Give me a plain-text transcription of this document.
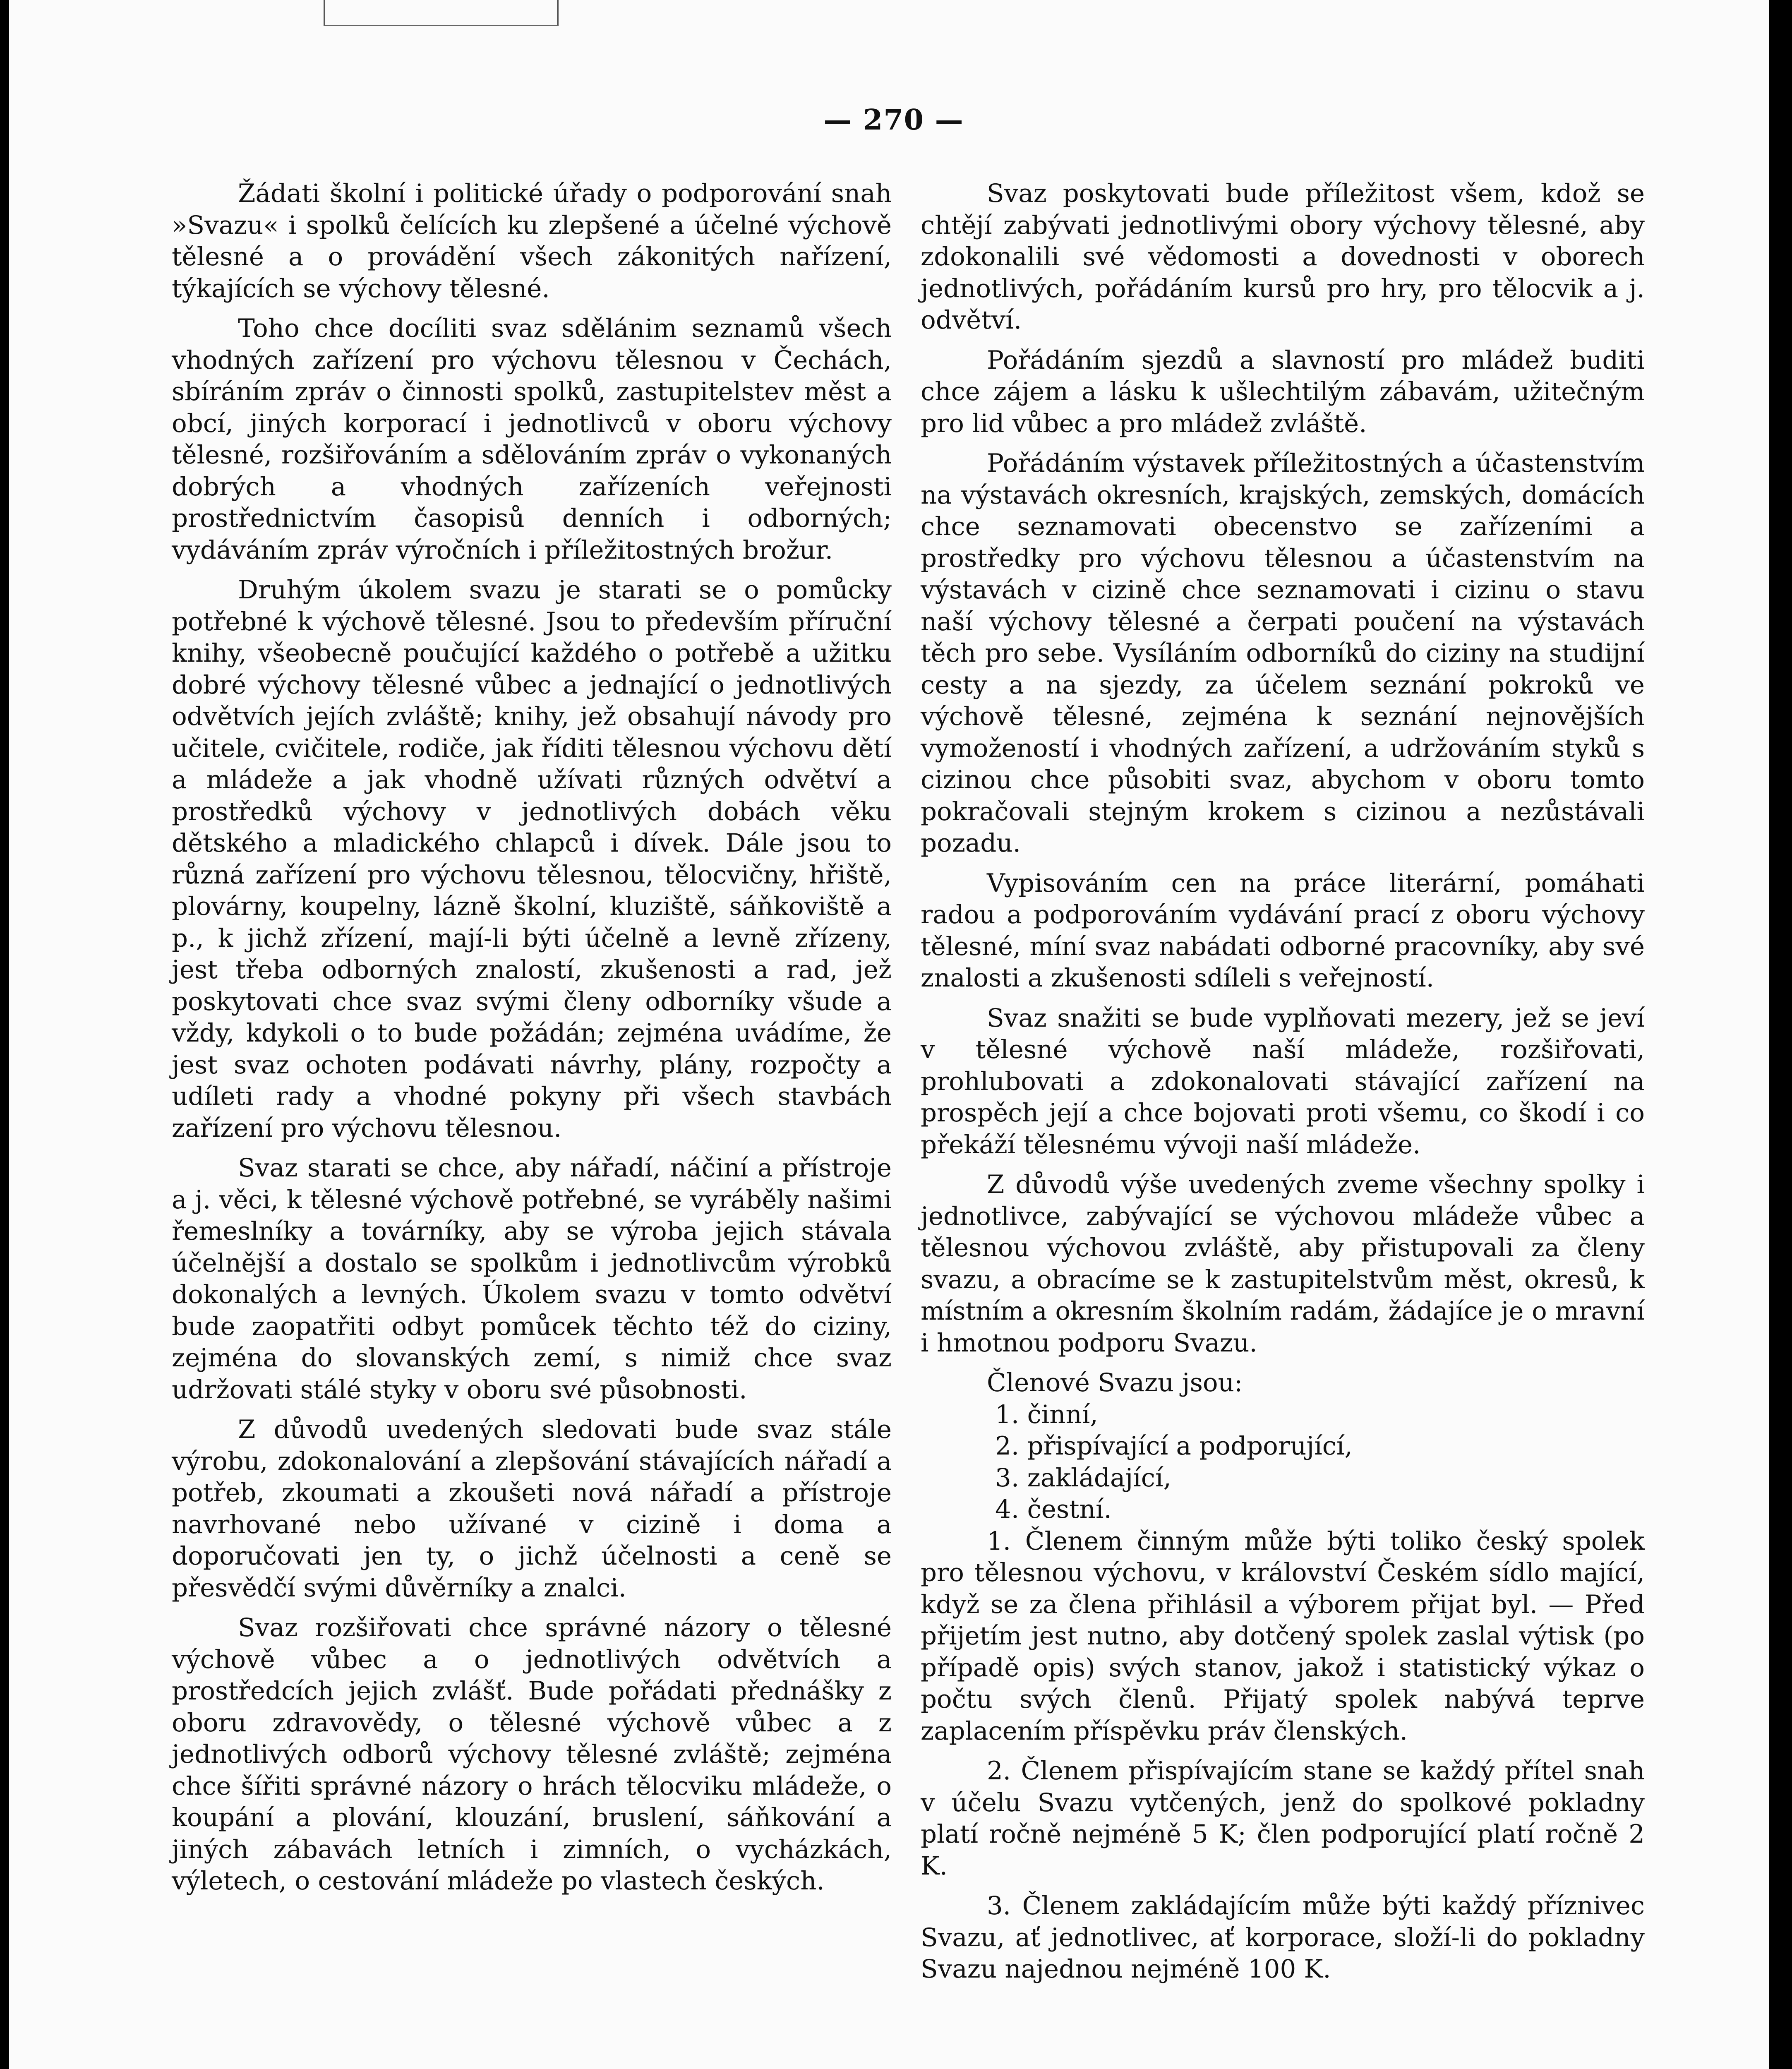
— 270 —

Žádati školní i politické úřady o podporování snah »Svazu« i spolků čelících ku zlepšené a účelné výchově tělesné a o provádění všech zákonitých nařízení, týkajících se výchovy tělesné.

Toho chce docíliti svaz sdělánim seznamů všech vhodných zařízení pro výchovu tělesnou v Čechách, sbíráním zpráv o činnosti spolků, zastupitelstev měst a obcí, jiných korporací i jednotlivců v oboru výchovy tělesné, rozšiřováním a sdělováním zpráv o vykonaných dobrých a vhodných zařízeních veřejnosti prostřednictvím časopisů denních i odborných; vydáváním zpráv výročních i příležitostných brožur.

Druhým úkolem svazu je starati se o pomůcky potřebné k výchově tělesné. Jsou to především příruční knihy, všeobecně poučující každého o potřebě a užitku dobré výchovy tělesné vůbec a jednající o jednotlivých odvětvích jejích zvláště; knihy, jež obsahují návody pro učitele, cvičitele, rodiče, jak říditi tělesnou výchovu dětí a mládeže a jak vhodně užívati různých odvětví a prostředků výchovy v jednotlivých dobách věku dětského a mladického chlapců i dívek. Dále jsou to různá zařízení pro výchovu tělesnou, tělocvičny, hřiště, plovárny, koupelny, lázně školní, kluziště, sáňkoviště a p., k jichž zřízení, mají-li býti účelně a levně zřízeny, jest třeba odborných znalostí, zkušenosti a rad, jež poskytovati chce svaz svými členy odborníky všude a vždy, kdykoli o to bude požádán; zejména uvádíme, že jest svaz ochoten podávati návrhy, plány, rozpočty a udíleti rady a vhodné pokyny při všech stavbách zařízení pro výchovu tělesnou.

Svaz starati se chce, aby nářadí, náčiní a přístroje a j. věci, k tělesné výchově potřebné, se vyráběly našimi řemeslníky a továrníky, aby se výroba jejich stávala účelnější a dostalo se spolkům i jednotlivcům výrobků dokonalých a levných. Úkolem svazu v tomto odvětví bude zaopatřiti odbyt pomůcek těchto též do ciziny, zejména do slovanských zemí, s nimiž chce svaz udržovati stálé styky v oboru své působnosti.

Z důvodů uvedených sledovati bude svaz stále výrobu, zdokonalování a zlepšování stávajících nářadí a potřeb, zkoumati a zkoušeti nová nářadí a přístroje navrhované nebo užívané v cizině i doma a doporučovati jen ty, o jichž účelnosti a ceně se přesvědčí svými důvěrníky a znalci.

Svaz rozšiřovati chce správné názory o tělesné výchově vůbec a o jednotlivých odvětvích a prostředcích jejich zvlášť. Bude pořádati přednášky z oboru zdravovědy, o tělesné výchově vůbec a z jednotlivých odborů výchovy tělesné zvláště; zejména chce šířiti správné názory o hrách tělocviku mládeže, o koupání a plování, klouzání, bruslení, sáňkování a jiných zábavách letních i zimních, o vycházkách, výletech, o cestování mládeže po vlastech českých.

Svaz poskytovati bude příležitost všem, kdož se chtějí zabývati jednotlivými obory výchovy tělesné, aby zdokonalili své vědomosti a dovednosti v oborech jednotlivých, pořádáním kursů pro hry, pro tělocvik a j. odvětví.

Pořádáním sjezdů a slavností pro mládež buditi chce zájem a lásku k ušlechtilým zábavám, užitečným pro lid vůbec a pro mládež zvláště.

Pořádáním výstavek příležitostných a účastenstvím na výstavách okresních, krajských, zemských, domácích chce seznamovati obecenstvo se zařízeními a prostředky pro výchovu tělesnou a účastenstvím na výstavách v cizině chce seznamovati i cizinu o stavu naší výchovy tělesné a čerpati poučení na výstavách těch pro sebe. Vysíláním odborníků do ciziny na studijní cesty a na sjezdy, za účelem seznání pokroků ve výchově tělesné, zejména k seznání nejnovějších vymožeností i vhodných zařízení, a udržováním styků s cizinou chce působiti svaz, abychom v oboru tomto pokračovali stejným krokem s cizinou a nezůstávali pozadu.

Vypisováním cen na práce literární, pomáhati radou a podporováním vydávání prací z oboru výchovy tělesné, míní svaz nabádati odborné pracovníky, aby své znalosti a zkušenosti sdíleli s veřejností.

Svaz snažiti se bude vyplňovati mezery, jež se jeví v tělesné výchově naší mládeže, rozšiřovati, prohlubovati a zdokonalovati stávající zařízení na prospěch její a chce bojovati proti všemu, co škodí i co překáží tělesnému vývoji naší mládeže.

Z důvodů výše uvedených zveme všechny spolky i jednotlivce, zabývající se výchovou mládeže vůbec a tělesnou výchovou zvláště, aby přistupovali za členy svazu, a obracíme se k zastupitelstvům měst, okresů, k místním a okresním školním radám, žádajíce je o mravní i hmotnou podporu Svazu.

Členové Svazu jsou:

1. činní,

2. přispívající a podporující,

3. zakládající,

4. čestní.

1. Členem činným může býti toliko český spolek pro tělesnou výchovu, v království Českém sídlo mající, když se za člena přihlásil a výborem přijat byl. — Před přijetím jest nutno, aby dotčený spolek zaslal výtisk (po případě opis) svých stanov, jakož i statistický výkaz o počtu svých členů. Přijatý spolek nabývá teprve zaplacením příspěvku práv členských.

2. Členem přispívajícím stane se každý přítel snah v účelu Svazu vytčených, jenž do spolkové pokladny platí ročně nejméně 5 K; člen podporující platí ročně 2 K.

3. Členem zakládajícím může býti každý příznivec Svazu, ať jednotlivec, ať korporace, složí-li do pokladny Svazu najednou nejméně 100 K.
